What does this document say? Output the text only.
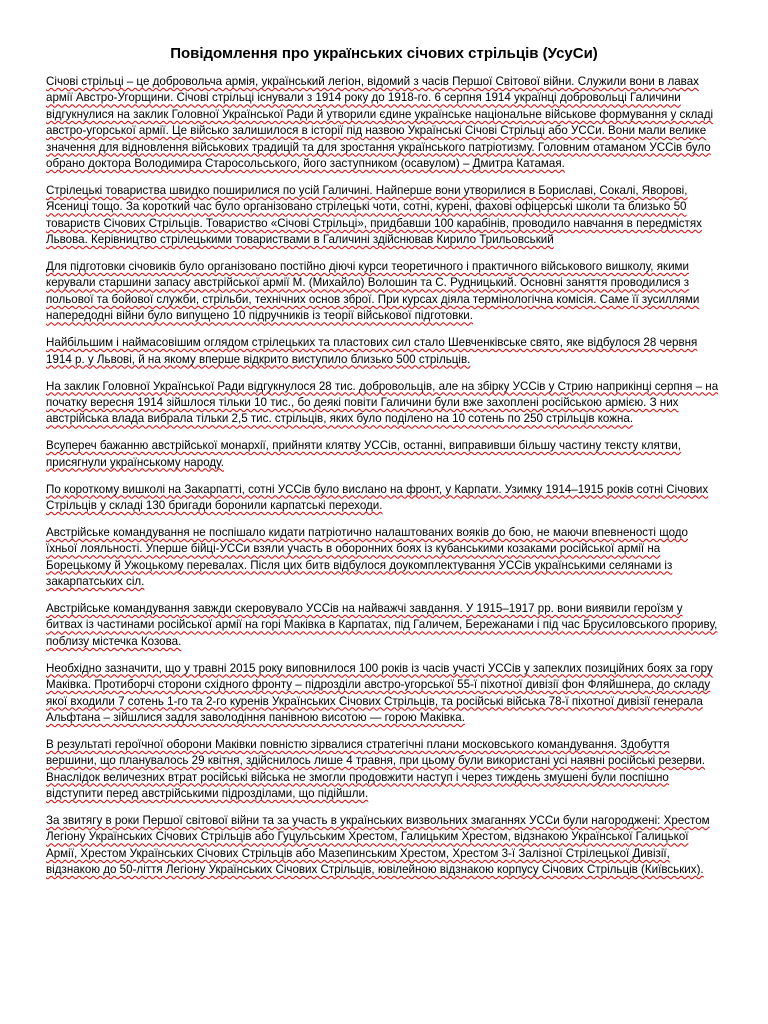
Повідомлення про українських січових стрільців (УсуСи)

Січові стрільці – це добровольча армія, український легіон, відомий з часів Першої Світової війни. Служили вони в лавах армії Австро-Угорщини. Січові стрільці існували з 1914 року до 1918-го. 6 серпня 1914 українці добровольці Галичини відгукнулися на заклик Головної Української Ради й утворили єдине українське національне військове формування у складі австро-угорської армії. Це військо залишилося в історії під назвою Українські Січові Стрільці або УССи. Вони мали велике значення для відновлення військових традицій та для зростання українського патріотизму. Головним отаманом УССів було обрано доктора Володимира Старосольського, його заступником (осавулом) – Дмитра Катамая.

Стрілецькі товариства швидко поширилися по усій Галичині. Найперше вони утворилися в Бориславі, Сокалі, Яворові, Ясениці тощо. За короткий час було організовано стрілецькі чоти, сотні, курені, фахові офіцерські школи та близько 50 товариств Січових Стрільців. Товариство «Січові Стрільці», придбавши 100 карабінів, проводило навчання в передмістях Львова. Керівництво стрілецькими товариствами в Галичині здійснював Кирило Трильовський

Для підготовки січовиків було організовано постійно діючі курси теоретичного і практичного військового вишколу, якими керували старшини запасу австрійської армії М. (Михайло) Волошин та С. Рудницький. Основні заняття проводилися з польової та бойової служби, стрільби, технічних основ зброї. При курсах діяла термінологічна комісія. Саме її зусиллями напередодні війни було випущено 10 підручників із теорії військової підготовки.

Найбільшим і наймасовішим оглядом стрілецьких та пластових сил стало Шевченківське свято, яке відбулося 28 червня 1914 р. у Львові, й на якому вперше відкрито виступило близько 500 стрільців.

На заклик Головної Української Ради відгукнулося 28 тис. добровольців, але на збірку УССів у Стрию наприкінці серпня – на початку вересня 1914 зійшлося тільки 10 тис., бо деякі повіти Галичини були вже захоплені російською армією. З них австрійська влада вибрала тільки 2,5 тис. стрільців, яких було поділено на 10 сотень по 250 стрільців кожна.

Всупереч бажанню австрійської монархії, прийняти клятву УССів, останні, виправивши більшу частину тексту клятви, присягнули українському народу.

По короткому вишколі на Закарпатті, сотні УССів було вислано на фронт, у Карпати. Узимку 1914–1915 років сотні Січових Стрільців у складі 130 бригади боронили карпатські переходи.

Австрійське командування не поспішало кидати патріотично налаштованих вояків до бою, не маючи впевненості щодо їхньої лояльності. Уперше бійці-УССи взяли участь в оборонних боях із кубанськими козаками російської армії на Борецькому й Ужоцькому перевалах. Після цих битв відбулося доукомплектування УССів українськими селянами із закарпатських сіл.

Австрійське командування завжди скеровувало УССів на найважчі завдання. У 1915–1917 рр. вони виявили героїзм у битвах із частинами російської армії на горі Маківка в Карпатах, під Галичем, Бережанами і під час Брусиловського прориву, поблизу містечка Козова.

Необхідно зазначити, що у травні 2015 року виповнилося 100 років із часів участі УССів у запеклих позиційних боях за гору Маківка. Протиборчі сторони східного фронту – підрозділи австро-угорської 55-ї піхотної дивізії фон Фляйшнера, до складу якої входили 7 сотень 1-го та 2-го куренів Українських Січових Стрільців, та російські війська 78-ї піхотної дивізії генерала Альфтана – зійшлися задля заволодіння панівною висотою — горою Маківка.

В результаті героїчної оборони Маківки повністю зірвалися стратегічні плани московського командування. Здобуття вершини, що планувалось 29 квітня, здійснилось лише 4 травня, при цьому були використані усі наявні російські резерви. Внаслідок величезних втрат російські війська не змогли продовжити наступ і через тиждень змушені були поспішно відступити перед австрійськими підрозділами, що підійшли.

За звитягу в роки Першої світової війни та за участь в українських визвольних змаганнях УССи були нагороджені: Хрестом Легіону Українських Січових Стрільців або Гуцульським Хрестом, Галицьким Хрестом, відзнакою Української Галицької Армії, Хрестом Українських Січових Стрільців або Мазепинським Хрестом, Хрестом 3-ї Залізної Стрілецької Дивізії, відзнакою до 50-ліття Легіону Українських Січових Стрільців, ювілейною відзнакою корпусу Січових Стрільців (Київських).
